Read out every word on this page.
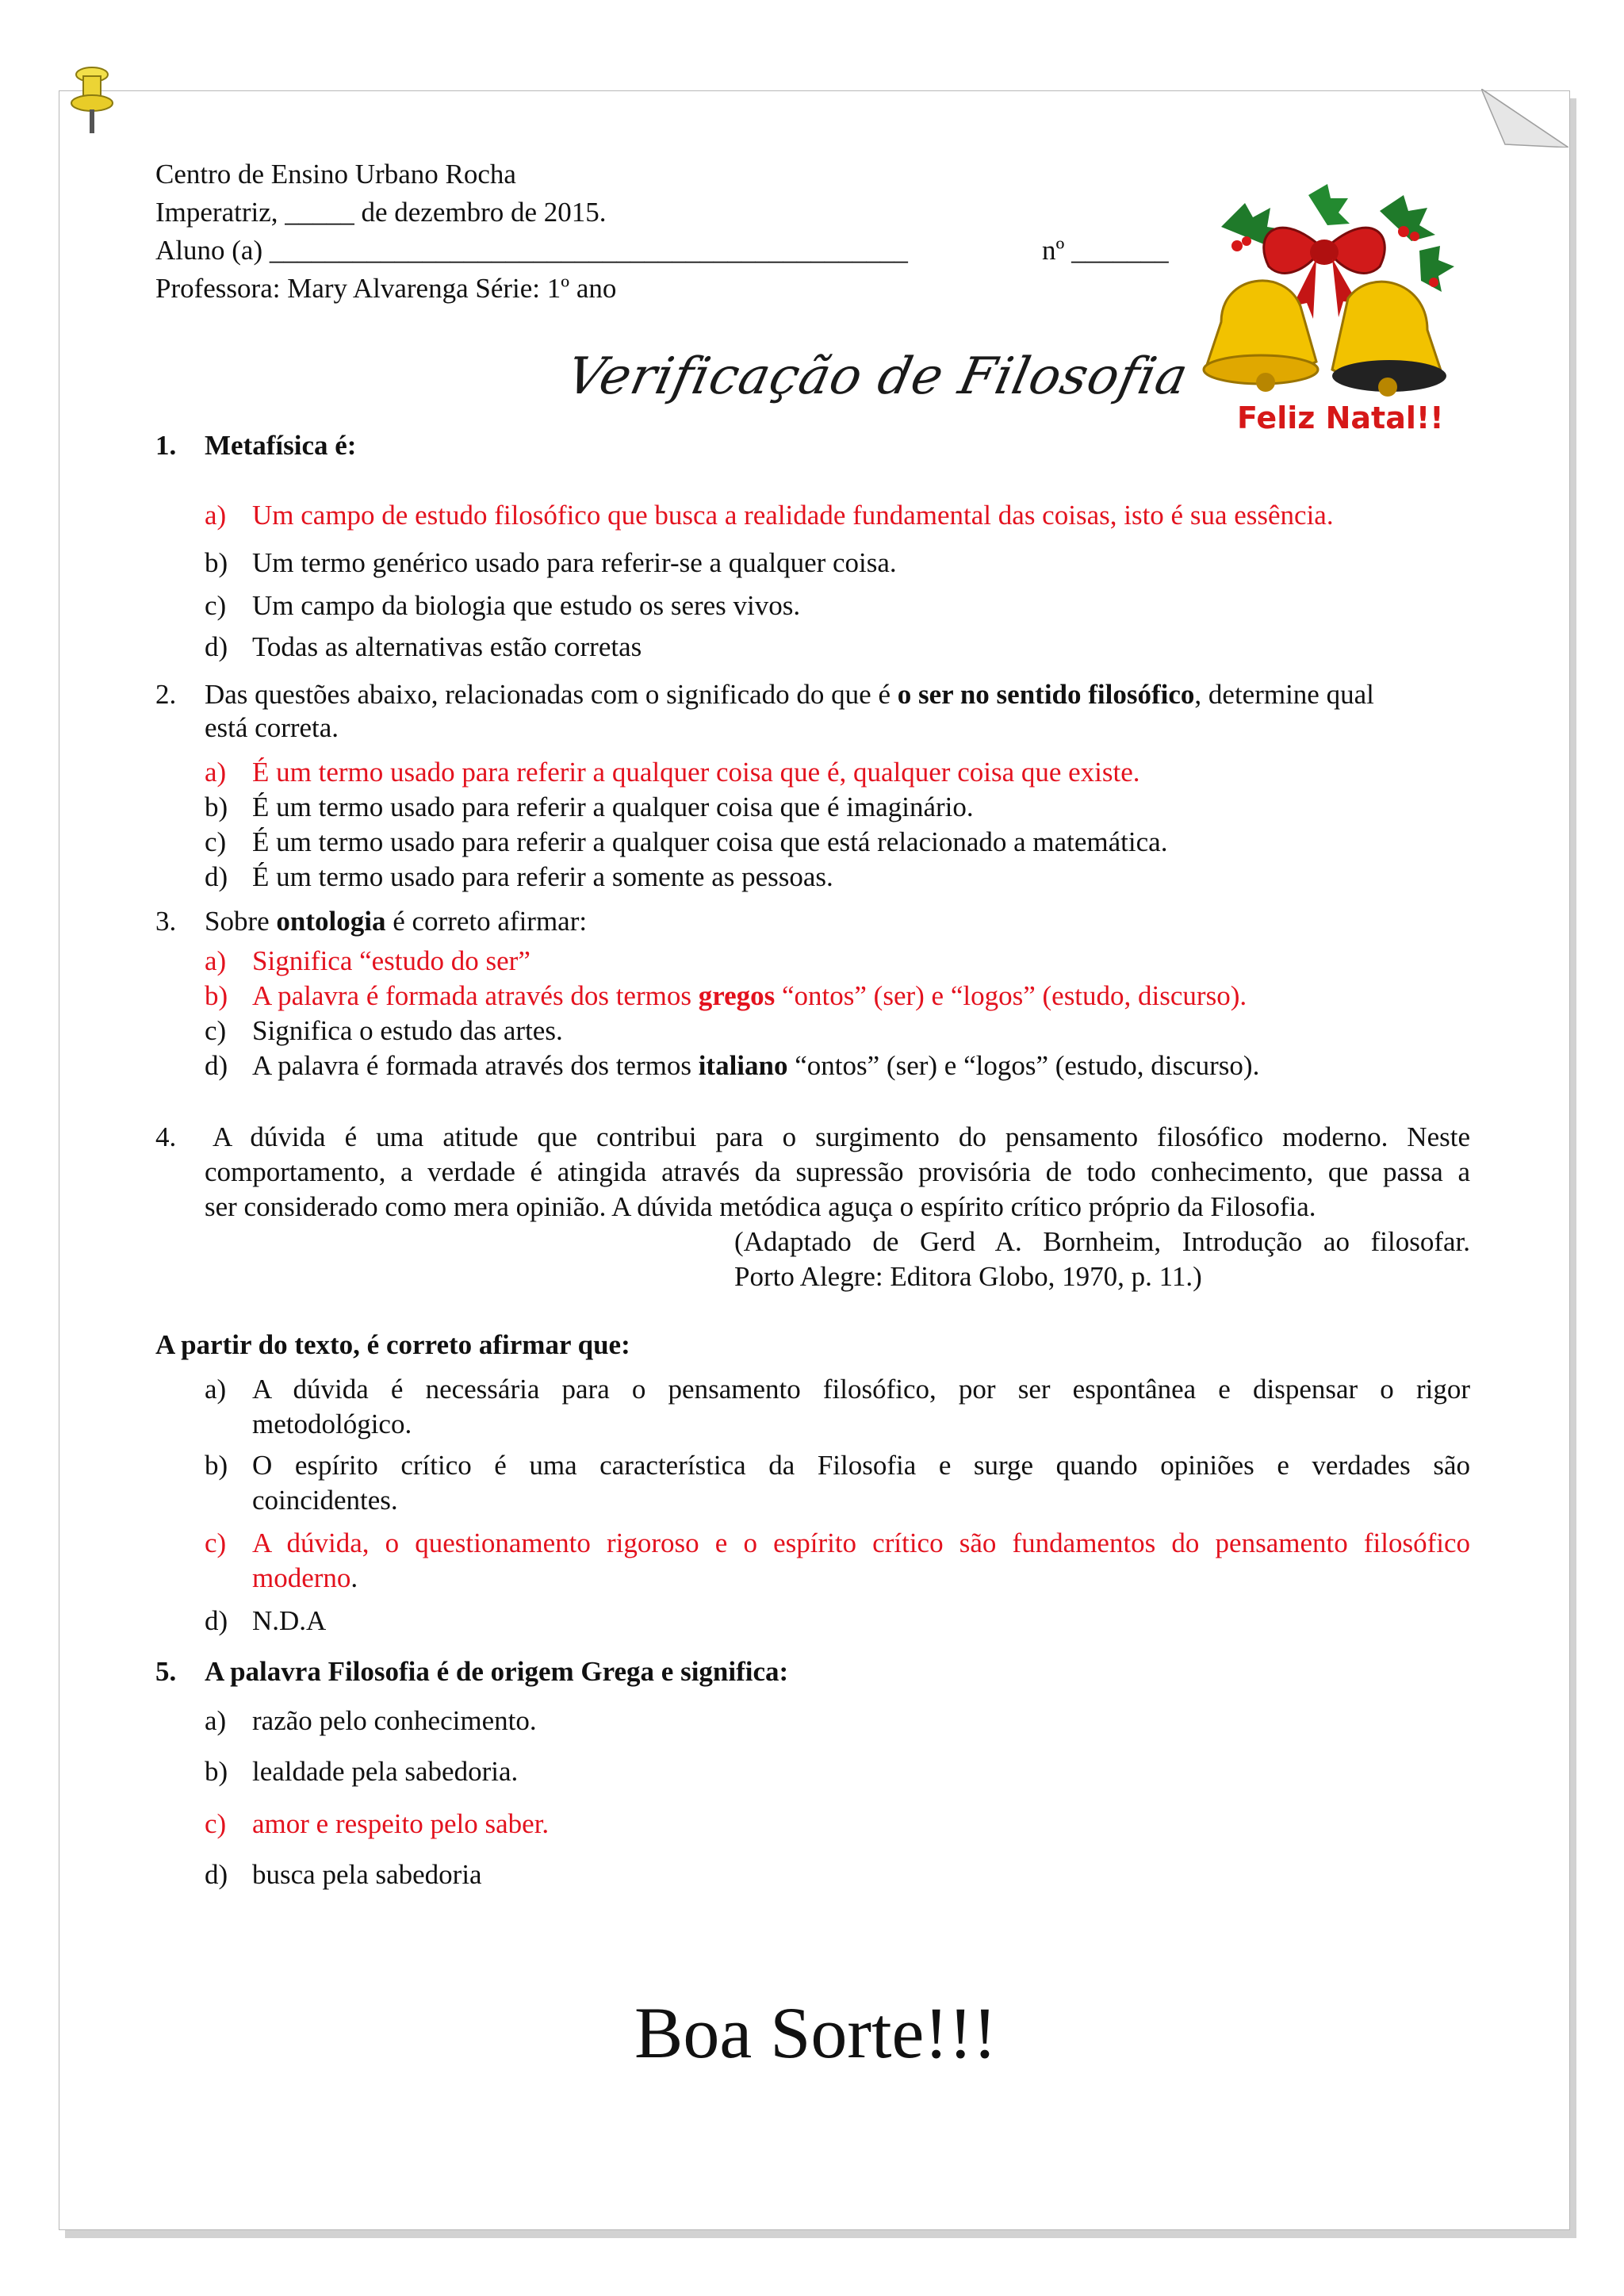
Centro de Ensino Urbano Rocha
Imperatriz, _____ de dezembro de 2015.
Aluno (a) ______________________________________________	nº _______
Professora: Mary Alvarenga Série: 1º ano
Feliz Natal!!
Verificação de Filosofia
1. Metafísica é:
a) Um campo de estudo filosófico que busca a realidade fundamental das coisas, isto é sua essência.
b) Um termo genérico usado para referir-se a qualquer coisa.
c) Um campo da biologia que estudo os seres vivos.
d) Todas as alternativas estão corretas
2. Das questões abaixo, relacionadas com o significado do que é o ser no sentido filosófico, determine qual
está correta.
a) É um termo usado para referir a qualquer coisa que é, qualquer coisa que existe.
b) É um termo usado para referir a qualquer coisa que é imaginário.
c) É um termo usado para referir a qualquer coisa que está relacionado a matemática.
d) É um termo usado para referir a somente as pessoas.
3. Sobre ontologia é correto afirmar:
a) Significa “estudo do ser”
b) A palavra é formada através dos termos gregos “ontos” (ser) e “logos” (estudo, discurso).
c) Significa o estudo das artes.
d) A palavra é formada através dos termos italiano “ontos” (ser) e “logos” (estudo, discurso).
4. A dúvida é uma atitude que contribui para o surgimento do pensamento filosófico moderno. Neste
comportamento, a verdade é atingida através da supressão provisória de todo conhecimento, que passa a
ser considerado como mera opinião. A dúvida metódica aguça o espírito crítico próprio da Filosofia.
(Adaptado de Gerd A. Bornheim, Introdução ao filosofar.
Porto Alegre: Editora Globo, 1970, p. 11.)
A partir do texto, é correto afirmar que:
a) A dúvida é necessária para o pensamento filosófico, por ser espontânea e dispensar o rigor
metodológico.
b) O espírito crítico é uma característica da Filosofia e surge quando opiniões e verdades são
coincidentes.
c) A dúvida, o questionamento rigoroso e o espírito crítico são fundamentos do pensamento filosófico
moderno.
d) N.D.A
5. A palavra Filosofia é de origem Grega e significa:
a) razão pelo conhecimento.
b) lealdade pela sabedoria.
c) amor e respeito pelo saber.
d) busca pela sabedoria
Boa Sorte!!!
